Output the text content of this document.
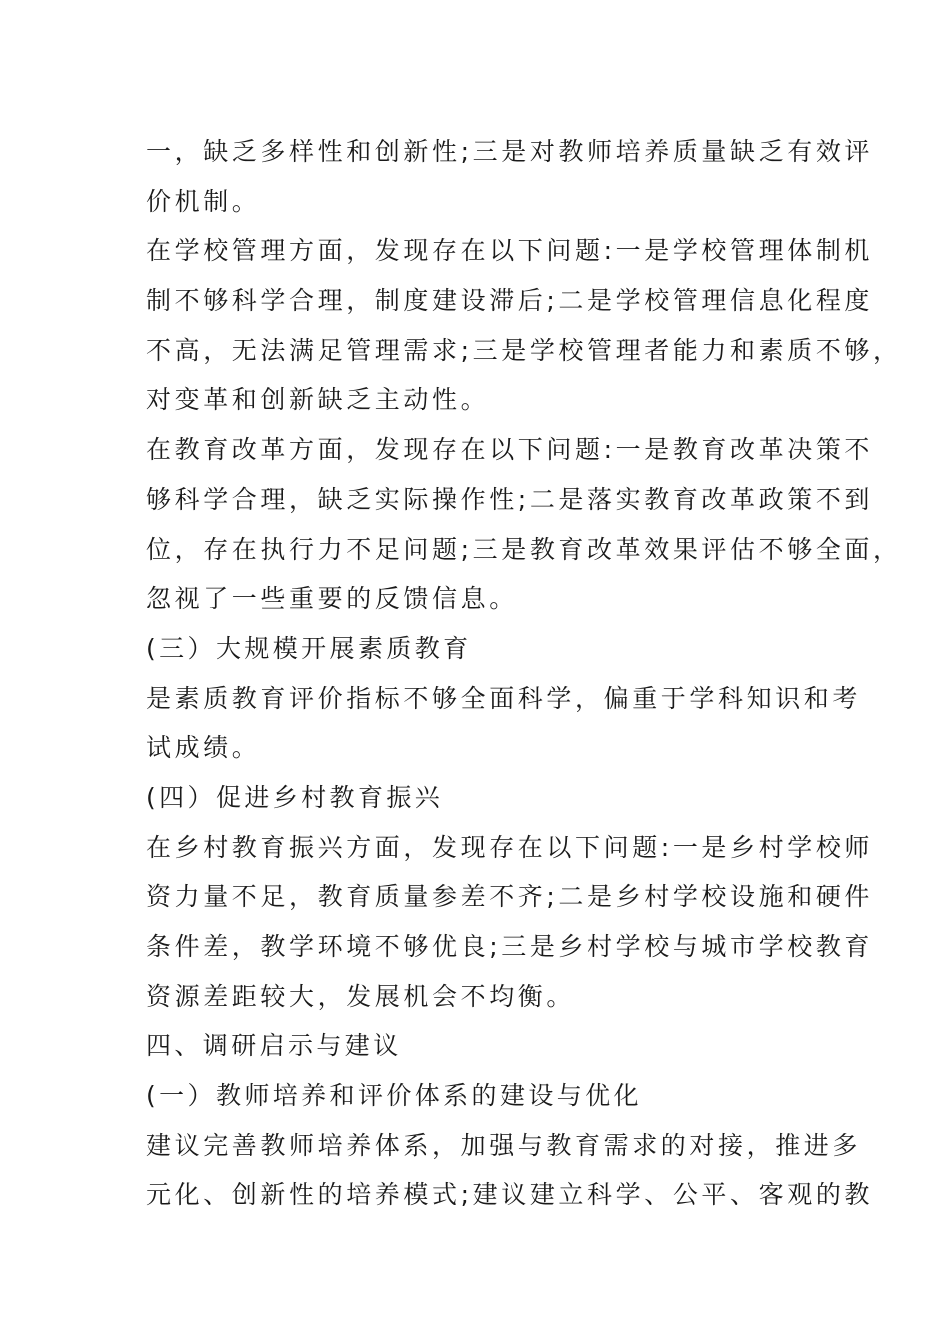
一，缺乏多样性和创新性;三是对教师培养质量缺乏有效评
价机制。
在学校管理方面，发现存在以下问题:一是学校管理体制机
制不够科学合理，制度建设滞后;二是学校管理信息化程度
不高，无法满足管理需求;三是学校管理者能力和素质不够，
对变革和创新缺乏主动性。
在教育改革方面，发现存在以下问题:一是教育改革决策不
够科学合理，缺乏实际操作性;二是落实教育改革政策不到
位，存在执行力不足问题;三是教育改革效果评估不够全面，
忽视了一些重要的反馈信息。
(三）大规模开展素质教育
是素质教育评价指标不够全面科学，偏重于学科知识和考
试成绩。
(四）促进乡村教育振兴
在乡村教育振兴方面，发现存在以下问题:一是乡村学校师
资力量不足，教育质量参差不齐;二是乡村学校设施和硬件
条件差，教学环境不够优良;三是乡村学校与城市学校教育
资源差距较大，发展机会不均衡。
四、调研启示与建议
(一）教师培养和评价体系的建设与优化
建议完善教师培养体系，加强与教育需求的对接，推进多
元化、创新性的培养模式;建议建立科学、公平、客观的教
